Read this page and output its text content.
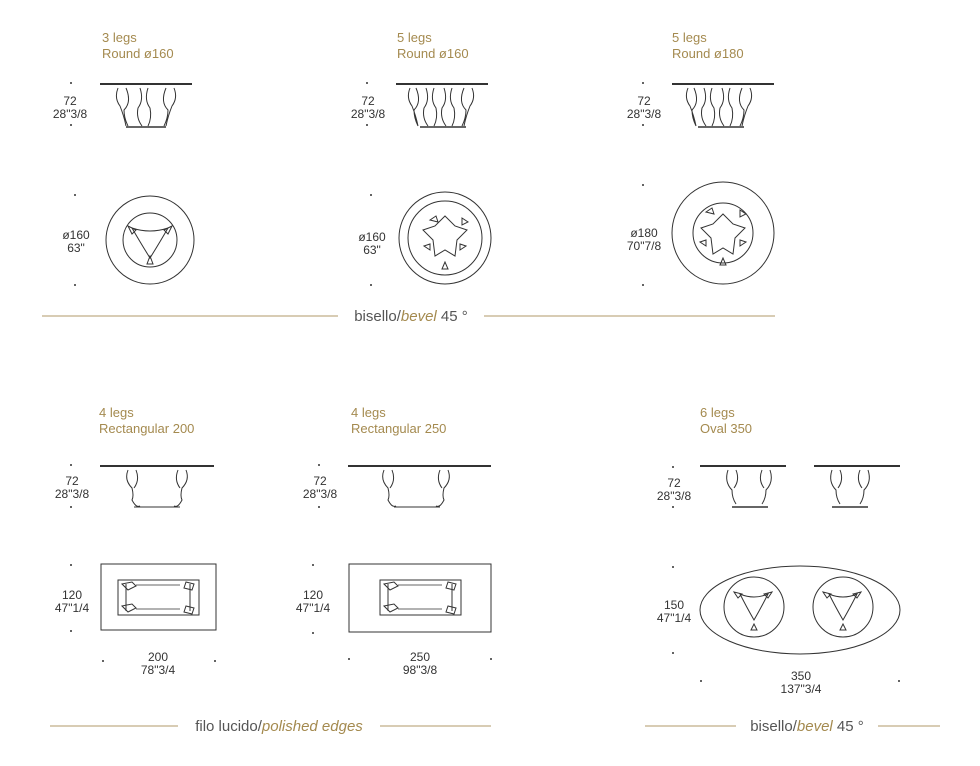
3 legs
Round ø160
72
28"3/8
ø160
63"
5 legs
Round ø160
72
28"3/8
ø160
63"
5 legs
Round ø180
72
28"3/8
ø180
70"7/8
bisello/bevel 45 °
4 legs
Rectangular 200
72
28"3/8
120
47"1/4
200
78"3/4
4 legs
Rectangular 250
72
28"3/8
120
47"1/4
250
98"3/8
6 legs
Oval 350
72
28"3/8
150
47"1/4
350
137"3/4
filo lucido/polished edges	bisello/bevel 45 °
